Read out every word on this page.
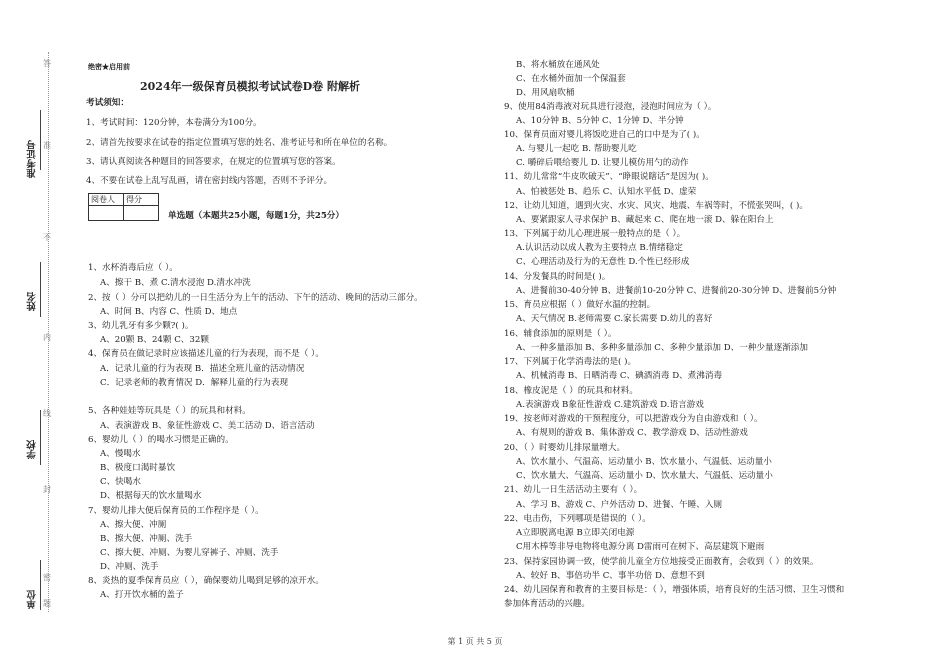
答
准
不
内
线
封
密
题
准考证号
姓名
学校
单位
绝密★启用前
2024年一级保育员模拟考试试卷D卷 附解析
考试须知：
1、考试时间：120分钟，本卷满分为100分。
2、请首先按要求在试卷的指定位置填写您的姓名、准考证号和所在单位的名称。
3、请认真阅读各种题目的回答要求，在规定的位置填写您的答案。
4、不要在试卷上乱写乱画，请在密封线内答题，否则不予评分。
阅卷人	得分

单选题（本题共25小题，每题1分，共25分）
1、水杯消毒后应（ ）。
A、擦干 B、煮 C.清水浸泡 D.清水冲洗
2、按（ ）分可以把幼儿的一日生活分为上午的活动、下午的活动、晚间的活动三部分。
A、时间 B、内容 C、性质 D、地点
3、幼儿乳牙有多少颗?( )。
A、20颗 B、24颗 C、32颗
4、保育员在做记录时应该描述儿童的行为表现，而不是（ ）。
A．记录儿童的行为表现 B．描述全班儿童的活动情况
C．记录老师的教育情况 D．解释儿童的行为表现
5、各种娃娃等玩具是（ ）的玩具和材料。
A、表演游戏 B、象征性游戏 C、美工活动 D、语言活动
6、婴幼儿（ ）的喝水习惯是正确的。
A、慢喝水
B、极度口渴时暴饮
C、快喝水
D、根据每天的饮水量喝水
7、婴幼儿排大便后保育员的工作程序是（ ）。
A、擦大便、冲厕
B、擦大便、冲厕、洗手
C、擦大便、冲厕、为婴儿穿裤子、冲厕、洗手
D、冲厕、洗手
8、炎热的夏季保育员应（ ），确保婴幼儿喝到足够的凉开水。
A、打开饮水桶的盖子
B、将水桶放在通风处
C、在水桶外面加一个保温套
D、用风扇吹桶
9、使用84消毒液对玩具进行浸泡，浸泡时间应为（ ）。
A、10分钟 B、5分钟 C、1分钟 D、半分钟
10、保育员面对婴儿将饭吃进自己的口中是为了( )。
A. 与婴儿一起吃 B. 帮助婴儿吃
C. 嚼碎后喂给婴儿 D. 让婴儿模仿用勺的动作
11、幼儿常常“牛皮吹破天”、“睁眼说瞎话”是因为( )。
A、怕被惩处 B、趋乐 C、认知水平低 D、虚荣
12、让幼儿知道，遇到火灾、水灾、风灾、地震、车祸等时，不慌张哭叫，( )。
A、要紧跟家人寻求保护 B、藏起来 C、爬在地一滚 D、躲在阳台上
13、下列属于幼儿心理进展一般特点的是（ ）。
A.认识活动以成人教为主要特点 B.情绪稳定
C、心理活动及行为的无意性 D.个性已经形成
14、分发餐具的时间是( )。
A、进餐前30-40分钟 B、进餐前10-20分钟 C、进餐前20-30分钟 D、进餐前5分钟
15、育员应根据（ ）做好水温的控制。
A、天气情况 B.老师需要 C.家长需要 D.幼儿的喜好
16、辅食添加的原则是（ ）。
A、一种多量添加 B、多种多量添加 C、多种少量添加 D、一种少量逐渐添加
17、下列属于化学消毒法的是( )。
A、机械消毒 B、日晒消毒 C、碘酒消毒 D、煮沸消毒
18、橡皮泥是（ ）的玩具和材料。
A.表演游戏 B象征性游戏 C.建筑游戏 D.语言游戏
19、按老师对游戏的干预程度分，可以把游戏分为自由游戏和（ ）。
A、有规则的游戏 B、集体游戏 C、教学游戏 D、活动性游戏
20、（ ）时婴幼儿排尿量增大。
A、饮水量小、气温高、运动量小 B、饮水量小、气温低、运动量小
C、饮水量大、气温高、运动量小 D、饮水量大、气温低、运动量小
21、幼儿一日生活活动主要有（ ）。
A、学习 B、游戏 C、户外活动 D、进餐、午睡、入厕
22、电击伤，下列哪项是错误的（ ）。
A立即脱离电源 B立即关闭电源
C用木棒等非导电物将电源分离 D雷雨可在树下、高层建筑下避雨
23、保持家园协调一致，使学前儿童全方位地接受正面教育，会收到（ ）的效果。
A、较好 B、事倍功半 C、事半功倍 D、意想不到
24、幼儿园保育和教育的主要目标是：（ ），增强体质，培育良好的生活习惯、卫生习惯和
参加体育活动的兴趣。
第 1 页 共 5 页
